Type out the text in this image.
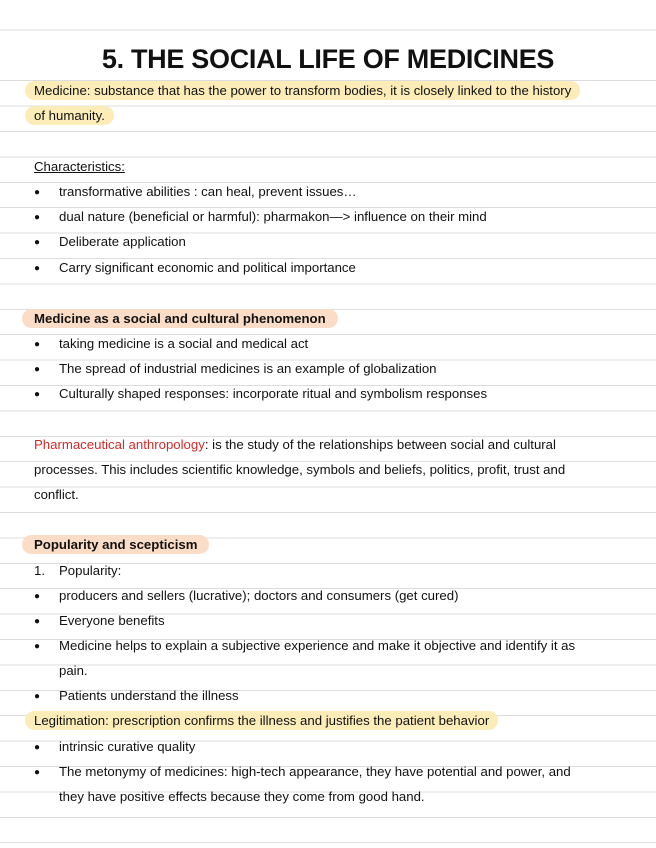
5. THE SOCIAL LIFE OF MEDICINES
Medicine: substance that has the power to transform bodies, it is closely linked to the history
of humanity.
Characteristics:
● transformative abilities : can heal, prevent issues…
● dual nature (beneficial or harmful): pharmakon—> influence on their mind
● Deliberate application
● Carry significant economic and political importance
Medicine as a social and cultural phenomenon
● taking medicine is a social and medical act
● The spread of industrial medicines is an example of globalization
● Culturally shaped responses: incorporate ritual and symbolism responses
Pharmaceutical anthropology: is the study of the relationships between social and cultural
processes. This includes scientific knowledge, symbols and beliefs, politics, profit, trust and
conflict.
Popularity and scepticism
1. Popularity:
● producers and sellers (lucrative); doctors and consumers (get cured)
● Everyone benefits
● Medicine helps to explain a subjective experience and make it objective and identify it as
pain.
● Patients understand the illness
Legitimation: prescription confirms the illness and justifies the patient behavior
● intrinsic curative quality
● The metonymy of medicines: high-tech appearance, they have potential and power, and
they have positive effects because they come from good hand.
